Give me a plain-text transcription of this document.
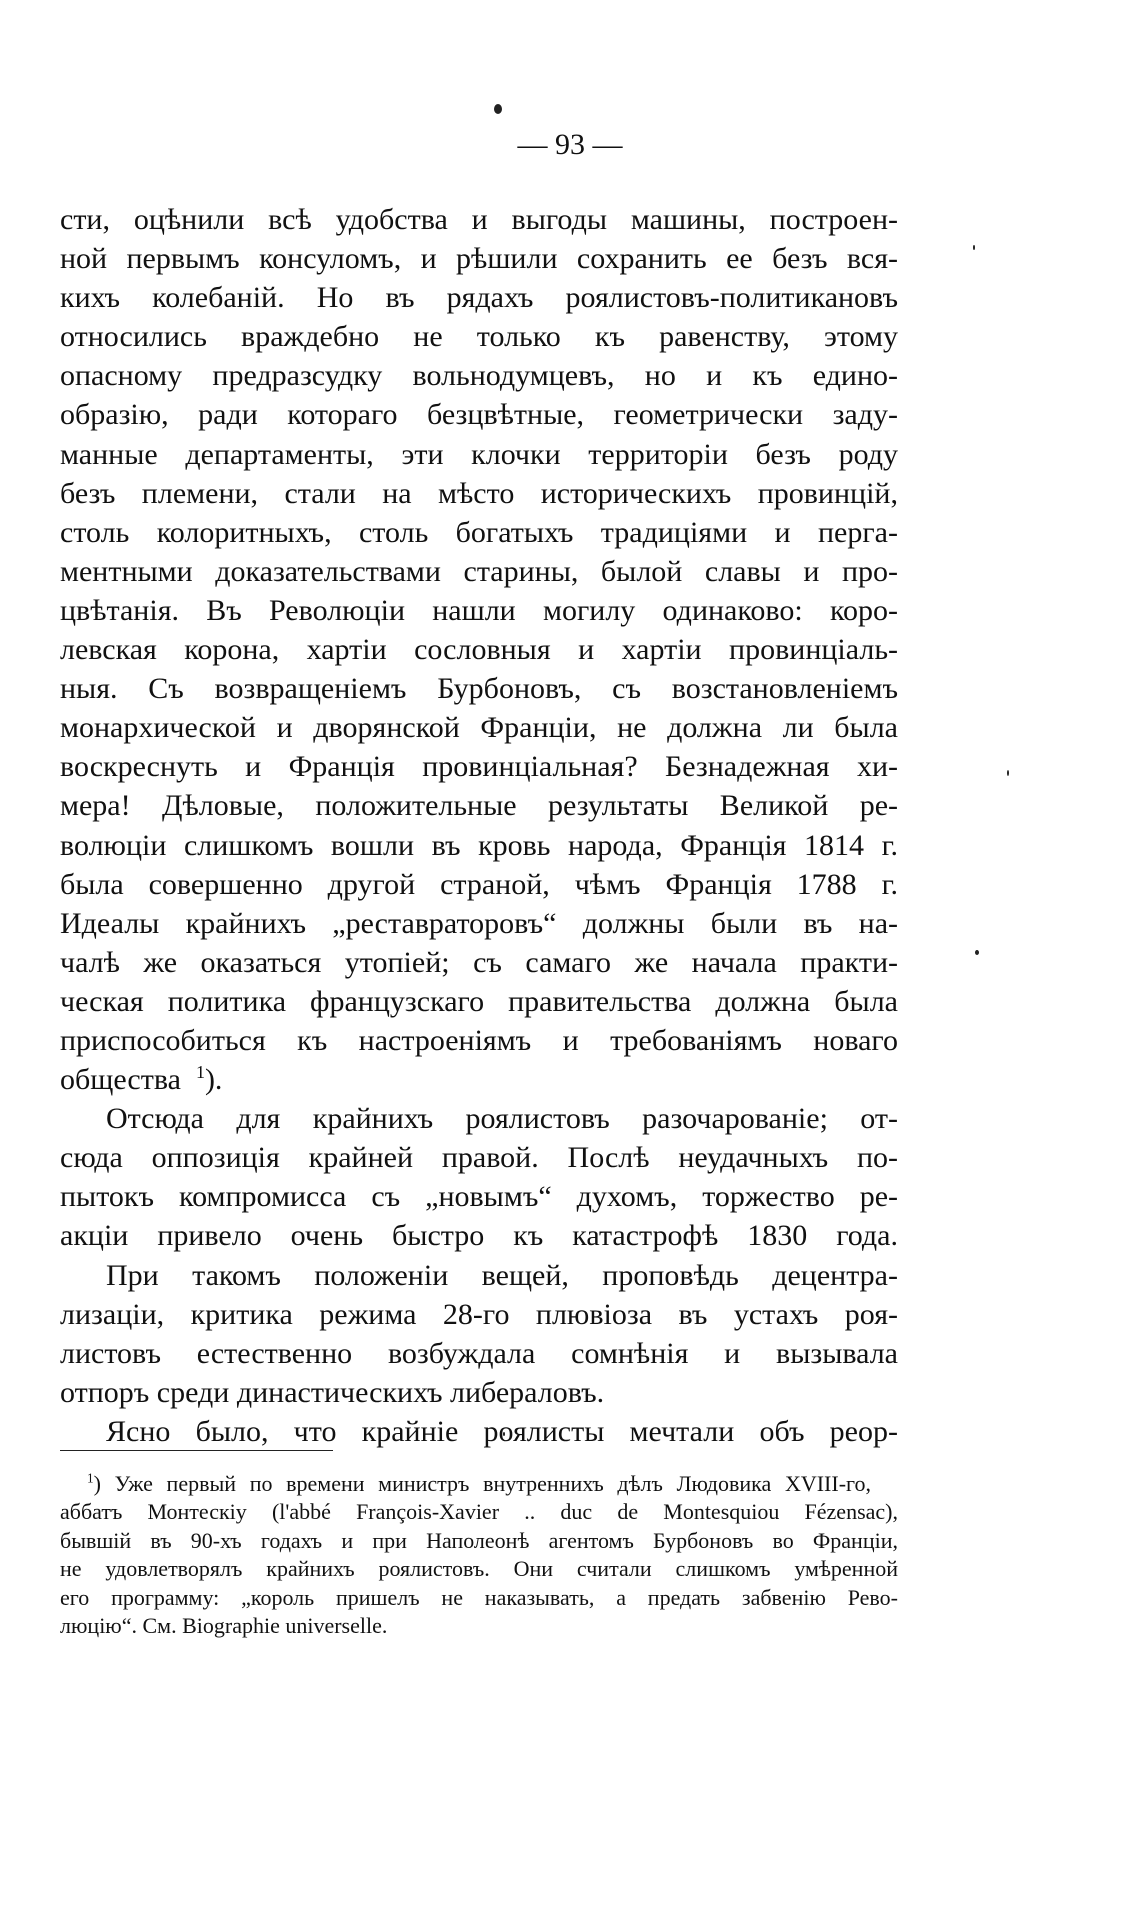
— 93 —
сти, оцѣнили всѣ удобства и выгоды машины, построен-
ной первымъ консуломъ, и рѣшили сохранить ее безъ вся-
кихъ колебаній. Но въ рядахъ роялистовъ-политикановъ
относились враждебно не только къ равенству, этому
опасному предразсудку вольнодумцевъ, но и къ едино-
образію, ради котораго безцвѣтные, геометрически заду-
манные департаменты, эти клочки территоріи безъ роду
безъ племени, стали на мѣсто историческихъ провинцій,
столь колоритныхъ, столь богатыхъ традиціями и перга-
ментными доказательствами старины, былой славы и про-
цвѣтанія. Въ Революціи нашли могилу одинаково: коро-
левская корона, хартіи сословныя и хартіи провинціаль-
ныя. Съ возвращеніемъ Бурбоновъ, съ возстановленіемъ
монархической и дворянской Франціи, не должна ли была
воскреснуть и Франція провинціальная? Безнадежная хи-
мера! Дѣловые, положительные результаты Великой ре-
волюціи слишкомъ вошли въ кровь народа, Франція 1814 г.
была совершенно другой страной, чѣмъ Франція 1788 г.
Идеалы крайнихъ „реставраторовъ“ должны были въ на-
чалѣ же оказаться утопіей; съ самаго же начала практи-
ческая политика французскаго правительства должна была
приспособиться къ настроеніямъ и требованіямъ новаго
общества $^1$).
Отсюда для крайнихъ роялистовъ разочарованіе; от-
сюда оппозиція крайней правой. Послѣ неудачныхъ по-
пытокъ компромисса съ „новымъ“ духомъ, торжество ре-
акціи привело очень быстро къ катастрофѣ 1830 года.
При такомъ положеніи вещей, проповѣдь децентра-
лизаціи, критика режима 28-го плювіоза въ устахъ роя-
листовъ естественно возбуждала сомнѣнія и вызывала
отпоръ среди династическихъ либераловъ.
Ясно было, что крайніе роялисты мечтали объ реор-
$^1$) Уже первый по времени министръ внутреннихъ дѣлъ Людовика XVIII-го,
аббатъ Монтескіу (l'abbé François-Xavier .. duc de Montesquiou Fézensac),
бывшій въ 90-хъ годахъ и при Наполеонѣ агентомъ Бурбоновъ во Франціи,
не удовлетворялъ крайнихъ роялистовъ. Они считали слишкомъ умѣренной
его программу: „король пришелъ не наказывать, а предать забвенію Рево-
люцію“. См. Biographie universelle.
